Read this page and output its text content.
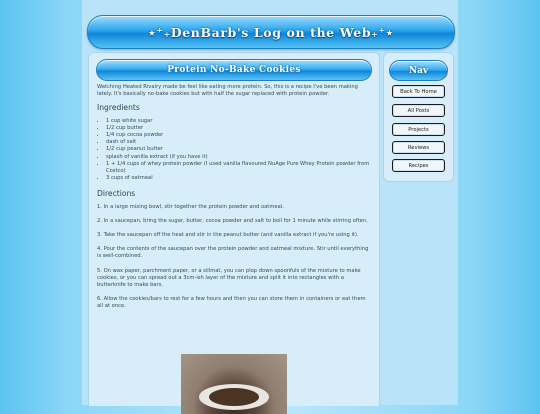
⋆⁺₊DenBarb's Log on the Web₊⁺⋆
Protein No-Bake Cookies

Watching Heated Rivalry made be feel like eating more protein. So, this is a recipe I've been making lately. It's basically no-bake cookies but with half the sugar replaced with protein powder.

Ingredients
• 1 cup white sugar
• 1/2 cup butter
• 1/4 cup cocoa powder
• dash of salt
• 1/2 cup peanut butter
• splash of vanilla extract (if you have it)
• 1 + 1/4 cups of whey protein powder (I used vanilla flavoured NuAge Pure Whey Protein powder from Costco)
• 3 cups of oatmeal
Directions

1. In a large mixing bowl, stir together the protein powder and oatmeal.

2. In a saucepan, bring the sugar, butter, cocoa powder and salt to boil for 1 minute while stirring often.

3. Take the saucepan off the heat and stir in the peanut butter (and vanilla extract if you're using it).

4. Pour the contents of the saucepan over the protein powder and oatmeal mixture. Stir until everything is well-combined.

5. On wax paper, parchment paper, or a sillmat, you can plop down spoonfuls of the mixture to make cookies, or you can spread out a 3cm-ish layer of the mixture and split it into rectangles with a butterknife to make bars.

6. Allow the cookies/bars to rest for a few hours and then you can store them in containers or eat them all at once.

Nav
Back To Home
All Posts
Projects
Reviews
Recipes
